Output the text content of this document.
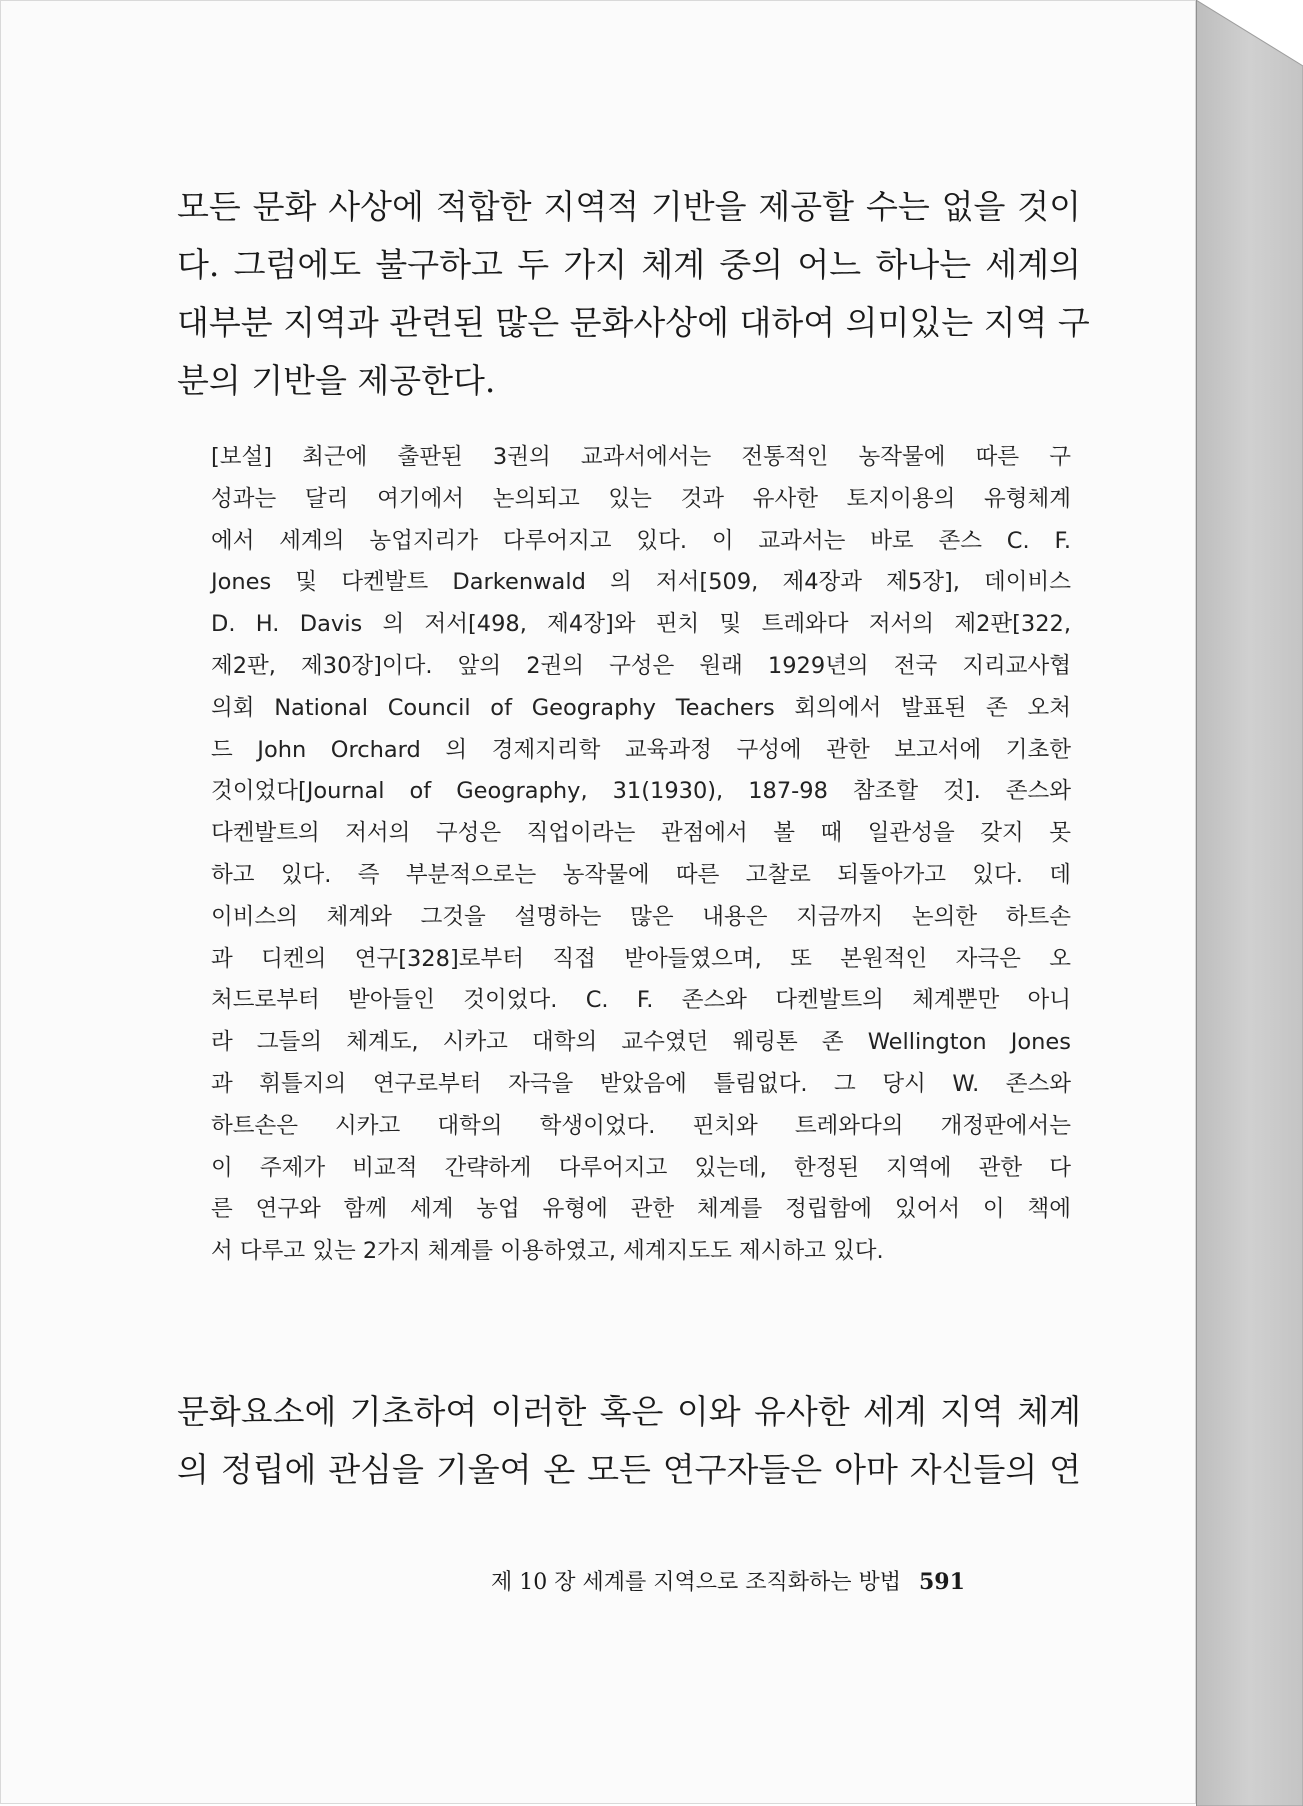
모든 문화 사상에 적합한 지역적 기반을 제공할 수는 없을 것이
다. 그럼에도 불구하고 두 가지 체계 중의 어느 하나는 세계의
대부분 지역과 관련된 많은 문화사상에 대하여 의미있는 지역 구
분의 기반을 제공한다.
[보설] 최근에 출판된 3권의 교과서에서는 전통적인 농작물에 따른 구
성과는 달리 여기에서 논의되고 있는 것과 유사한 토지이용의 유형체계
에서 세계의 농업지리가 다루어지고 있다. 이 교과서는 바로 존스 C. F.
Jones 및 다켄발트 Darkenwald 의 저서[509, 제4장과 제5장], 데이비스
D. H. Davis 의 저서[498, 제4장]와 핀치 및 트레와다 저서의 제2판[322,
제2판, 제30장]이다. 앞의 2권의 구성은 원래 1929년의 전국 지리교사협
의회 National Council of Geography Teachers 회의에서 발표된 존 오처
드 John Orchard 의 경제지리학 교육과정 구성에 관한 보고서에 기초한
것이었다[Journal of Geography, 31(1930), 187-98 참조할 것]. 존스와
다켄발트의 저서의 구성은 직업이라는 관점에서 볼 때 일관성을 갖지 못
하고 있다. 즉 부분적으로는 농작물에 따른 고찰로 되돌아가고 있다. 데
이비스의 체계와 그것을 설명하는 많은 내용은 지금까지 논의한 하트손
과 디켄의 연구[328]로부터 직접 받아들였으며, 또 본원적인 자극은 오
처드로부터 받아들인 것이었다. C. F. 존스와 다켄발트의 체계뿐만 아니
라 그들의 체계도, 시카고 대학의 교수였던 웨링톤 존 Wellington Jones
과 휘틀지의 연구로부터 자극을 받았음에 틀림없다. 그 당시 W. 존스와
하트손은 시카고 대학의 학생이었다. 핀치와 트레와다의 개정판에서는
이 주제가 비교적 간략하게 다루어지고 있는데, 한정된 지역에 관한 다
른 연구와 함께 세계 농업 유형에 관한 체계를 정립함에 있어서 이 책에
서 다루고 있는 2가지 체계를 이용하였고, 세계지도도 제시하고 있다.
문화요소에 기초하여 이러한 혹은 이와 유사한 세계 지역 체계
의 정립에 관심을 기울여 온 모든 연구자들은 아마 자신들의 연
제 10 장 세계를 지역으로 조직화하는 방법 591
